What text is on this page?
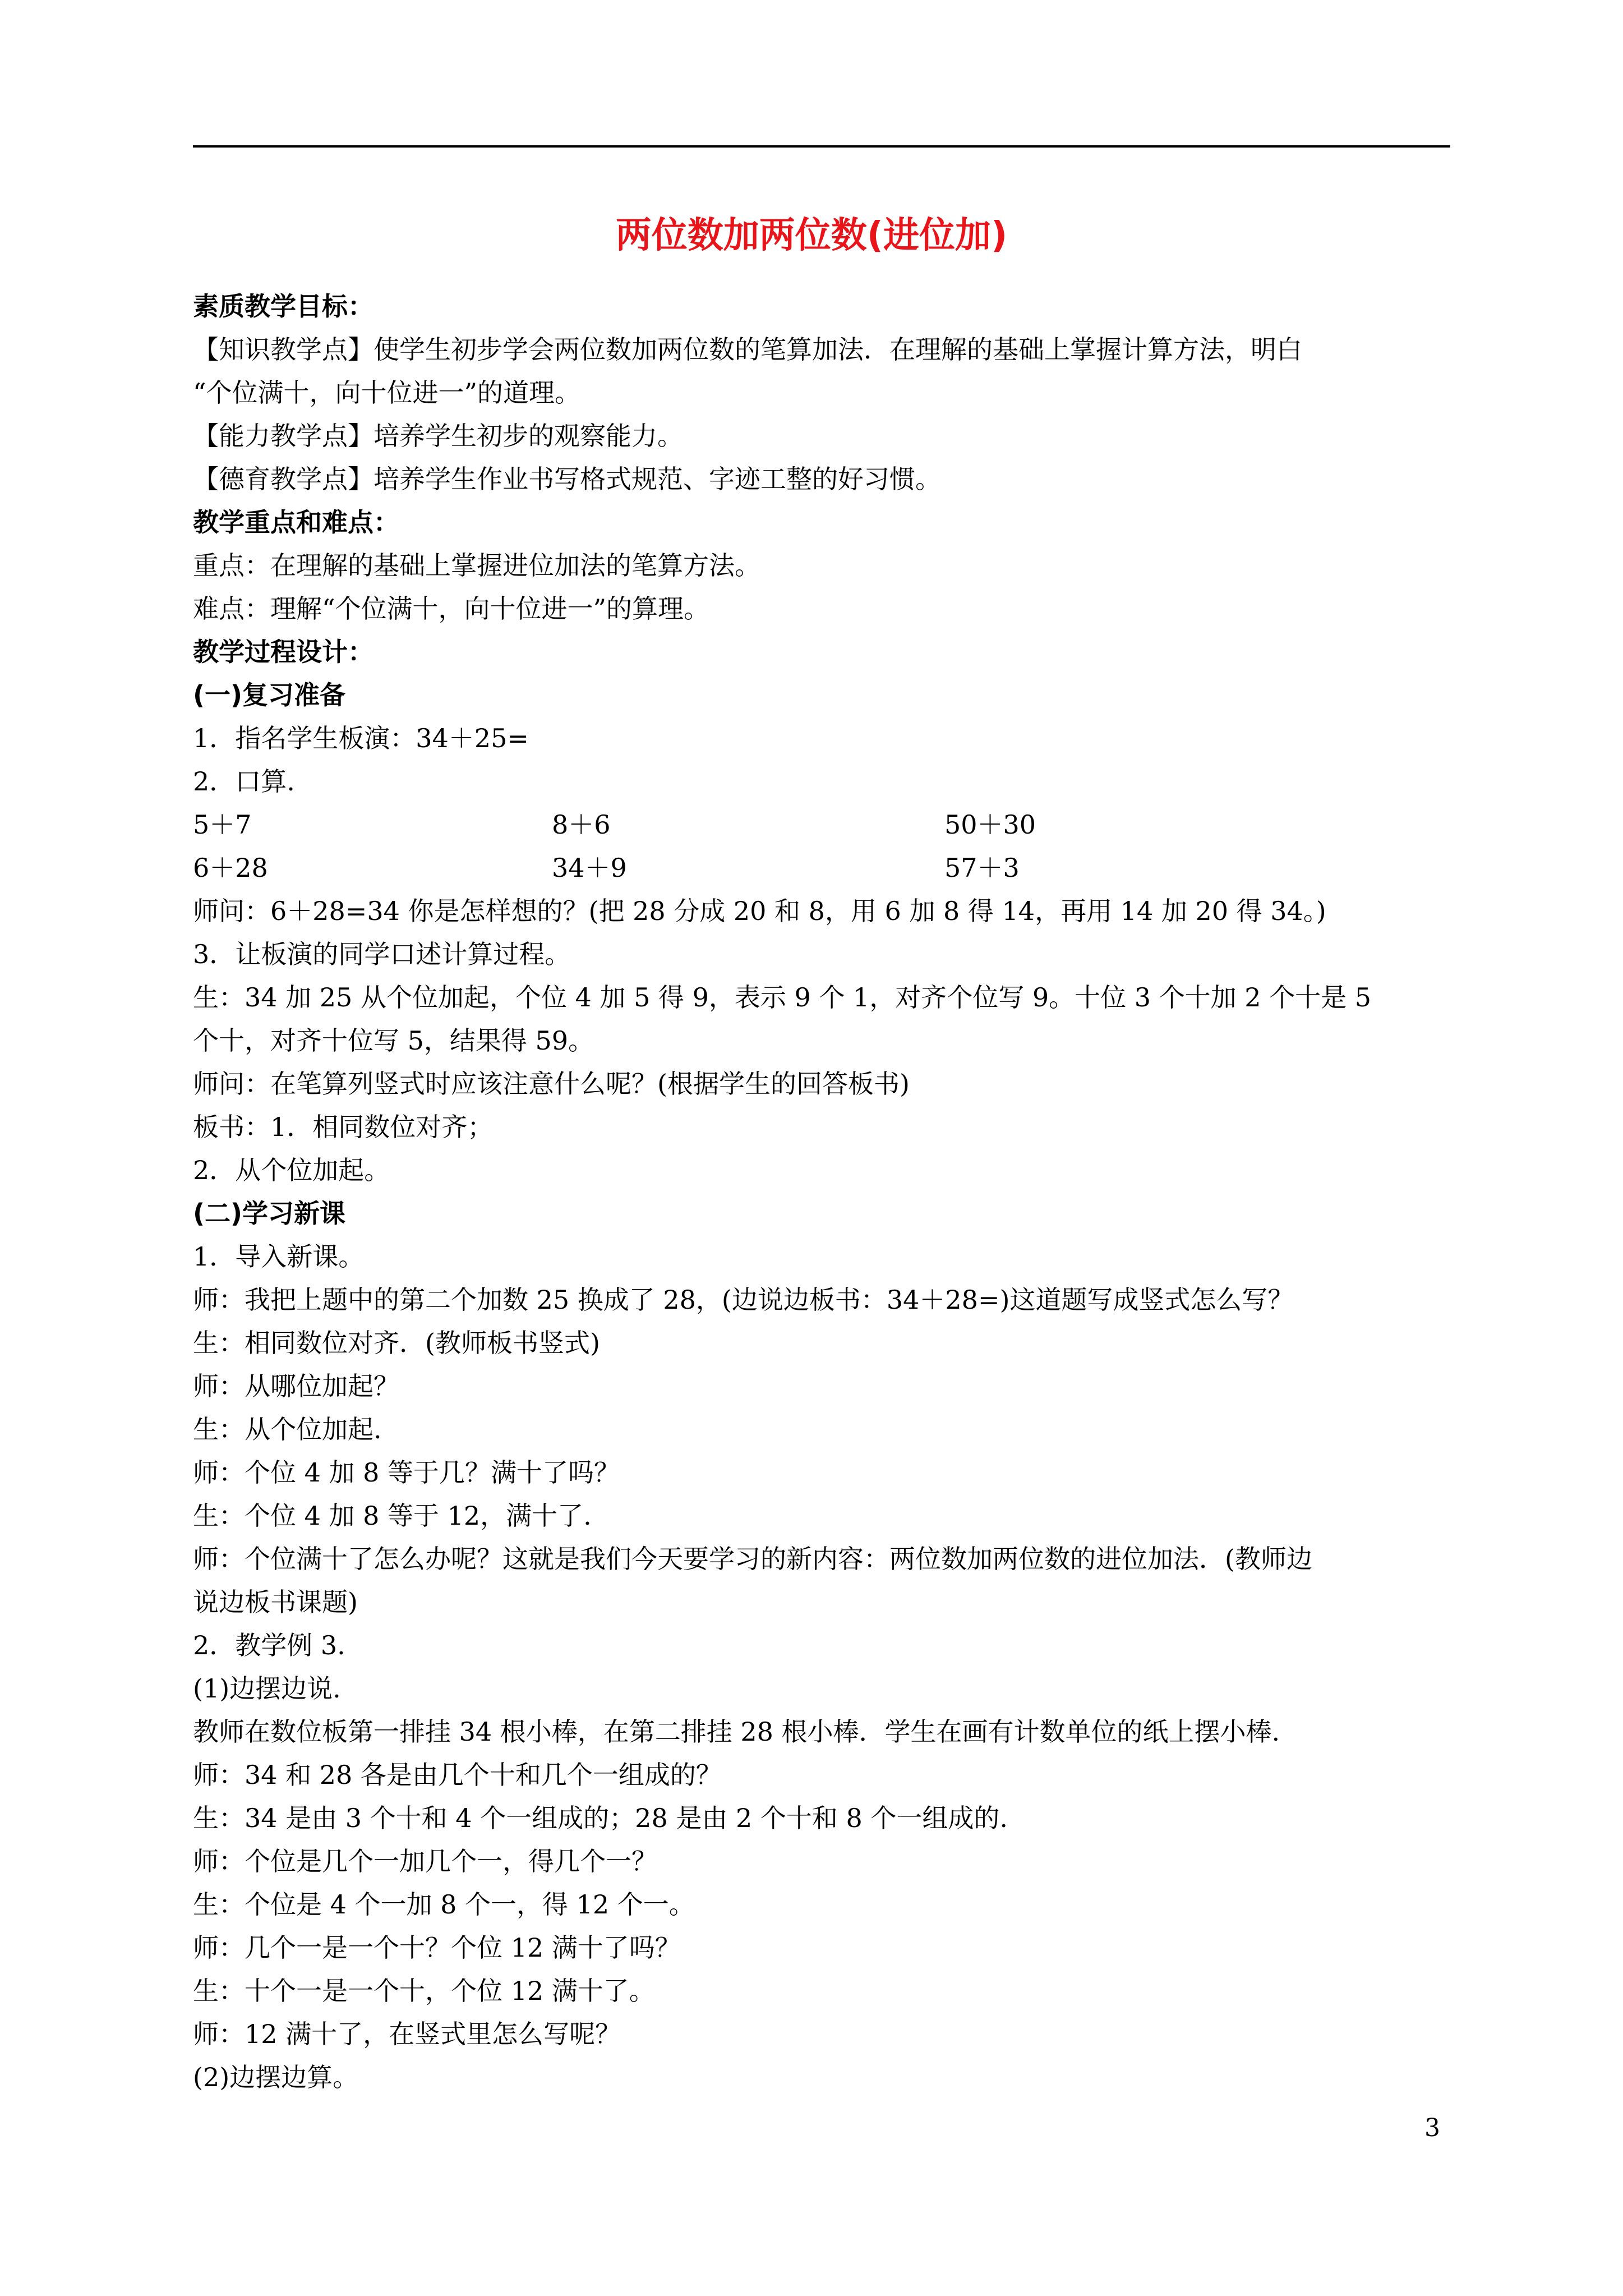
两位数加两位数(进位加)
素质教学目标：
【知识教学点】使学生初步学会两位数加两位数的笔算加法．在理解的基础上掌握计算方法，明白
“个位满十，向十位进一”的道理。
【能力教学点】培养学生初步的观察能力。
【德育教学点】培养学生作业书写格式规范、字迹工整的好习惯。
教学重点和难点：
重点：在理解的基础上掌握进位加法的笔算方法。
难点：理解“个位满十，向十位进一”的算理。
教学过程设计：
(一)复习准备
1．指名学生板演：34＋25=
2．口算.
5＋7	8＋6	50＋30
6＋28	34＋9	57＋3
师问：6＋28=34 你是怎样想的？(把 28 分成 20 和 8，用 6 加 8 得 14，再用 14 加 20 得 34。)
3．让板演的同学口述计算过程。
生：34 加 25 从个位加起，个位 4 加 5 得 9，表示 9 个 1，对齐个位写 9。十位 3 个十加 2 个十是 5
个十，对齐十位写 5，结果得 59。
师问：在笔算列竖式时应该注意什么呢？(根据学生的回答板书)
板书：1．相同数位对齐；
2．从个位加起。
(二)学习新课
1．导入新课。
师：我把上题中的第二个加数 25 换成了 28，(边说边板书：34＋28=)这道题写成竖式怎么写？
生：相同数位对齐．(教师板书竖式)
师：从哪位加起？
生：从个位加起.
师：个位 4 加 8 等于几？满十了吗？
生：个位 4 加 8 等于 12，满十了.
师：个位满十了怎么办呢？这就是我们今天要学习的新内容：两位数加两位数的进位加法．(教师边
说边板书课题)
2．教学例 3.
(1)边摆边说.
教师在数位板第一排挂 34 根小棒，在第二排挂 28 根小棒．学生在画有计数单位的纸上摆小棒.
师：34 和 28 各是由几个十和几个一组成的？
生：34 是由 3 个十和 4 个一组成的；28 是由 2 个十和 8 个一组成的.
师：个位是几个一加几个一，得几个一？
生：个位是 4 个一加 8 个一，得 12 个一。
师：几个一是一个十？个位 12 满十了吗？
生：十个一是一个十，个位 12 满十了。
师：12 满十了，在竖式里怎么写呢？
(2)边摆边算。
3
